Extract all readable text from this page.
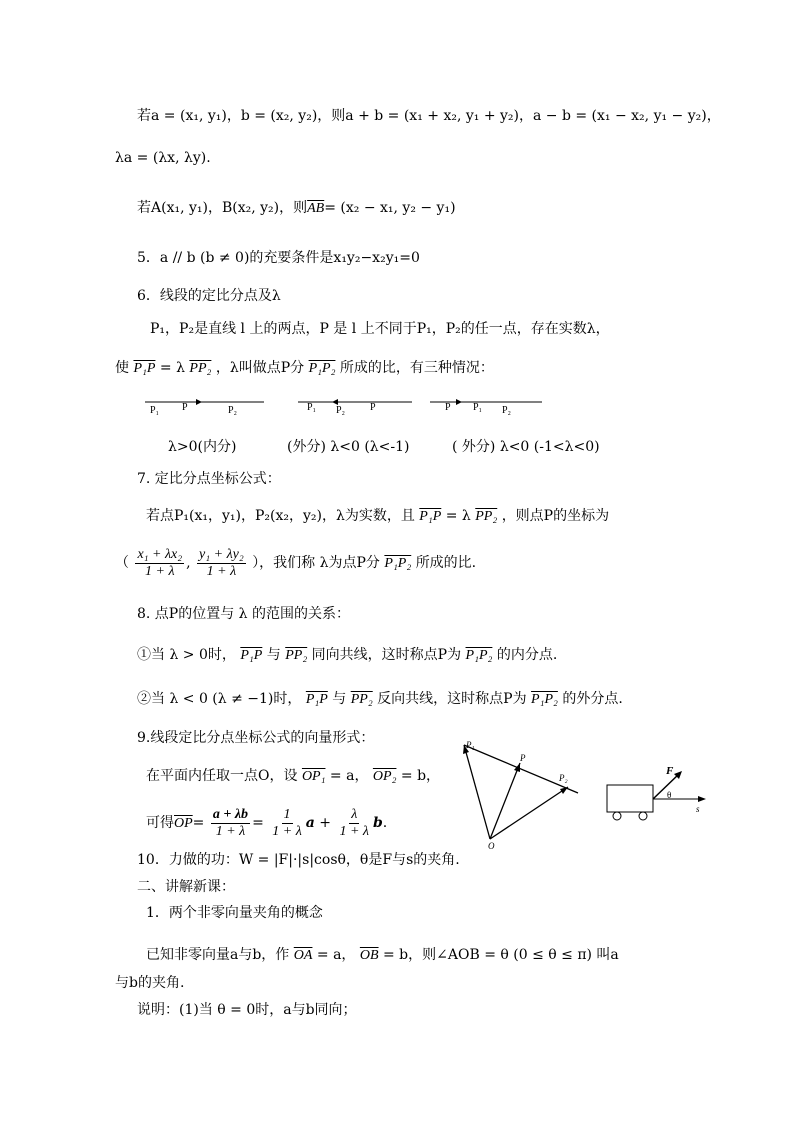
若a = (x₁, y₁)，b = (x₂, y₂)，则a + b = (x₁ + x₂, y₁ + y₂)，a − b = (x₁ − x₂, y₁ − y₂)，
λa = (λx, λy).
若A(x₁, y₁)，B(x₂, y₂)，则$\overline{AB}= (x_2 - x_1$, y₂ − y₁)
5．a // b (b ≠ 0)的充要条件是x₁y₂−x₂y₁=0
6．线段的定比分点及λ
P₁，P₂是直线 l 上的两点，P 是 l 上不同于P₁，P₂的任一点，存在实数λ，
使 P₁P = λ PP₂ ，λ叫做点P分 P₁P₂ 所成的比，有三种情况：
P₁ P	P₂	P₁ P₂ P	P P₁ P₂
λ>0(内分)	(外分) λ<0 (λ<-1)	( 外分) λ<0 (-1<λ<0)
7. 定比分点坐标公式：
若点P₁(x₁，y₁)，P₂(x₂，y₂)，λ为实数，且 P₁P = λ PP₂ ，则点P的坐标为
（ $\frac{\text{x₁ + λx₂}}{1 + \lambda}$ , $\frac{\text{y₁ + λy₂}}{1 + \lambda}$ ），我们称 λ为点P分 P₁P₂ 所成的比.
8. 点P的位置与 λ 的范围的关系：
①当 λ > 0时， P₁P 与 PP₂ 同向共线，这时称点P为 P₁P₂ 的内分点.
②当 λ < 0 (λ ≠ −1)时， P₁P 与 PP₂ 反向共线，这时称点P为 P₁P₂ 的外分点.
9.线段定比分点坐标公式的向量形式：
在平面内任取一点O，设 OP₁ = a， OP₂ = b，
可得$\overline{OP}= \frac{a + \lambda b}{1 + \lambda} = \frac{1}{1 + \lambda}$ $a + \frac{\lambda}{1 + \lambda} b$.
P₁
P
P₂
O
F
θ
s
10．力做的功：W = |F|·|s|cosθ，θ是F与s的夹角.
二、讲解新课：
1．两个非零向量夹角的概念
已知非零向量a与b，作 $\overline{OA} = a$， $\overline{OB} = b$，则∠AOB = θ (0 ≤ θ ≤ π) 叫a
与b的夹角.
说明：(1)当 θ = 0时，a与b同向；
